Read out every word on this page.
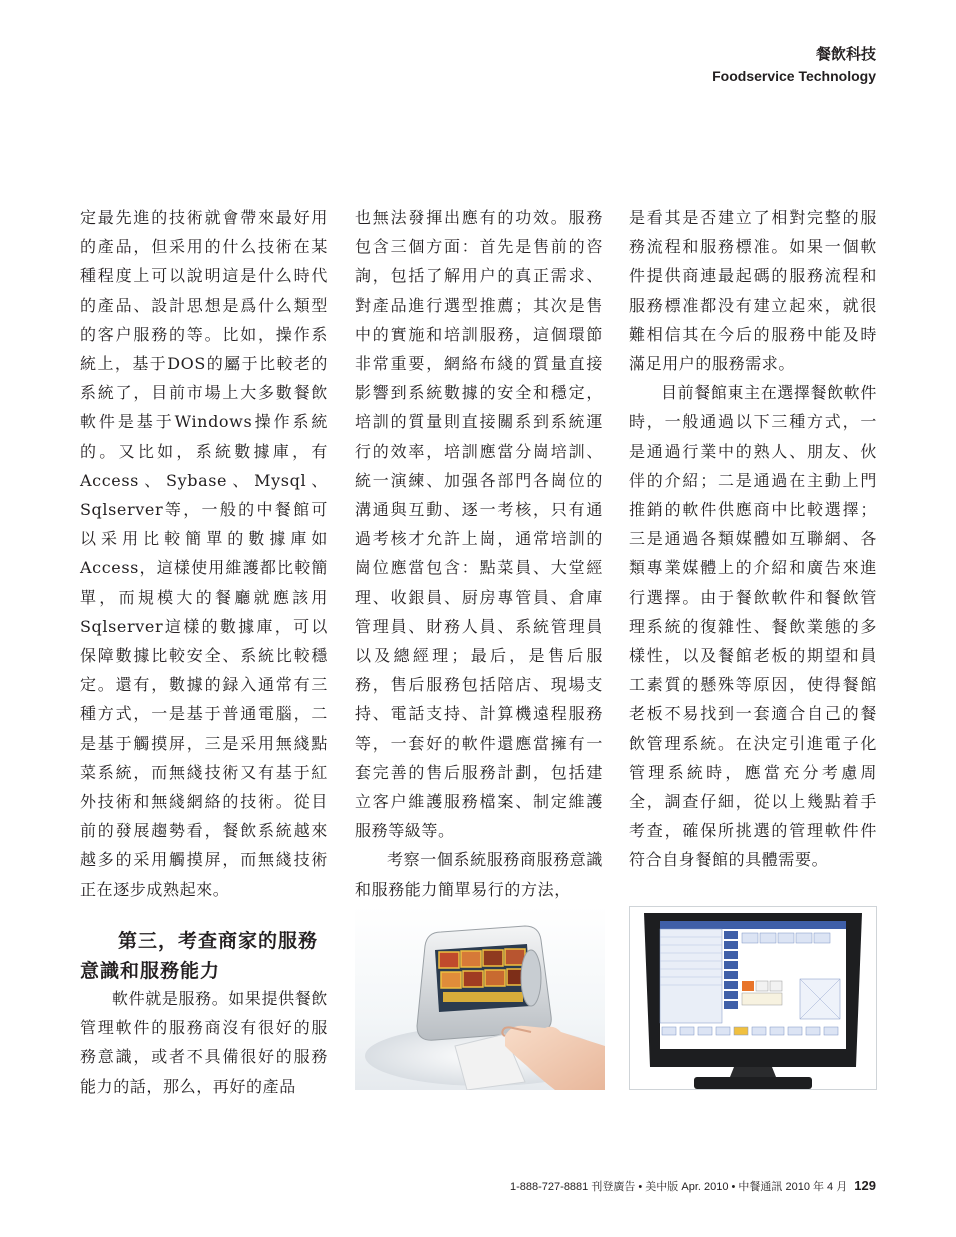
餐飲科技
Foodservice Technology

定最先進的技術就會帶來最好用的產品，但采用的什么技術在某種程度上可以說明這是什么時代的產品、設計思想是爲什么類型的客户服務的等。比如，操作系統上，基于DOS的屬于比較老的系統了，目前市場上大多數餐飲軟件是基于Windows操作系統的。又比如，系統數據庫，有Access、Sybase、Mysql、Sqlserver等，一般的中餐館可以采用比較簡單的數據庫如Access，這樣使用維護都比較簡單，而規模大的餐廳就應該用Sqlserver這樣的數據庫，可以保障數據比較安全、系統比較穩定。還有，數據的録入通常有三種方式，一是基于普通電腦，二是基于觸摸屏，三是采用無綫點菜系統，而無綫技術又有基于紅外技術和無綫網絡的技術。從目前的發展趨勢看，餐飲系統越來越多的采用觸摸屏，而無綫技術正在逐步成熟起來。

第三，考查商家的服務
意識和服務能力

軟件就是服務。如果提供餐飲管理軟件的服務商沒有很好的服務意識，或者不具備很好的服務能力的話，那么，再好的產品

也無法發揮出應有的功效。服務包含三個方面：首先是售前的咨詢，包括了解用户的真正需求、對產品進行選型推薦；其次是售中的實施和培訓服務，這個環節非常重要，網絡布綫的質量直接影響到系統數據的安全和穩定，培訓的質量則直接關系到系統運行的效率，培訓應當分崗培訓、統一演練、加强各部門各崗位的溝通與互動、逐一考核，只有通過考核才允許上崗，通常培訓的崗位應當包含：點菜員、大堂經理、收銀員、厨房專管員、倉庫管理員、財務人員、系統管理員以及總經理；最后，是售后服務，售后服務包括陪店、現場支持、電話支持、計算機遠程服務等，一套好的軟件還應當擁有一套完善的售后服務計劃，包括建立客户維護服務檔案、制定維護服務等級等。

考察一個系統服務商服務意識和服務能力簡單易行的方法，

是看其是否建立了相對完整的服務流程和服務標准。如果一個軟件提供商連最起碼的服務流程和服務標准都没有建立起來，就很難相信其在今后的服務中能及時滿足用户的服務需求。

目前餐館東主在選擇餐飲軟件時，一般通過以下三種方式，一是通過行業中的熟人、朋友、伙伴的介紹；二是通過在主動上門推銷的軟件供應商中比較選擇；三是通過各類媒體如互聯網、各類專業媒體上的介紹和廣告來進行選擇。由于餐飲軟件和餐飲管理系統的復雜性、餐飲業態的多樣性，以及餐館老板的期望和員工素質的懸殊等原因，使得餐館老板不易找到一套適合自己的餐飲管理系統。在決定引進電子化管理系統時，應當充分考慮周全，調查仔細，從以上幾點着手考查，確保所挑選的管理軟件件符合自身餐館的具體需要。

1-888-727-8881 刊登廣告 • 美中版 Apr. 2010 • 中餐通訊 2010 年 4 月 129
